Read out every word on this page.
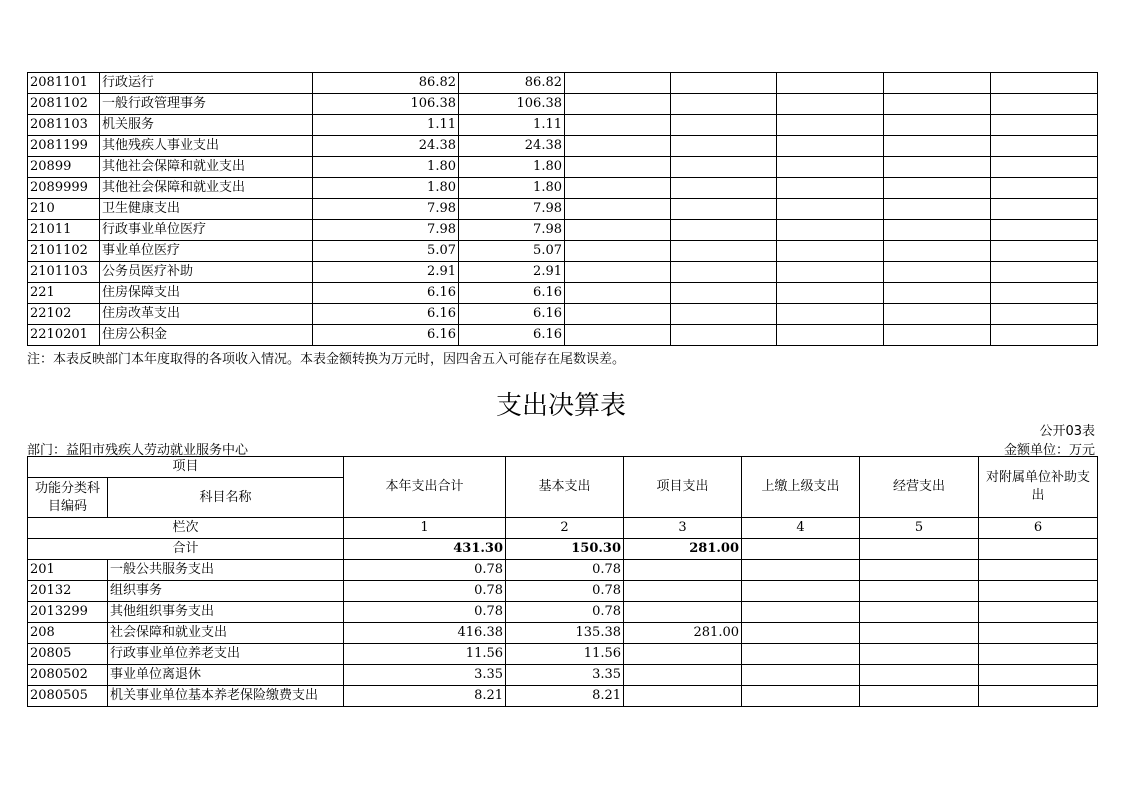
2081101	行政运行	86.82	86.82					
2081102	一般行政管理事务	106.38	106.38					
2081103	机关服务	1.11	1.11					
2081199	其他残疾人事业支出	24.38	24.38					
20899	其他社会保障和就业支出	1.80	1.80					
2089999	其他社会保障和就业支出	1.80	1.80					
210	卫生健康支出	7.98	7.98					
21011	行政事业单位医疗	7.98	7.98					
2101102	事业单位医疗	5.07	5.07					
2101103	公务员医疗补助	2.91	2.91					
221	住房保障支出	6.16	6.16					
22102	住房改革支出	6.16	6.16					
2210201	住房公积金	6.16	6.16					
注：本表反映部门本年度取得的各项收入情况。本表金额转换为万元时，因四舍五入可能存在尾数误差。
支出决算表
公开03表
部门：益阳市残疾人劳动就业服务中心	金额单位：万元
项目		本年支出合计	基本支出	项目支出	上缴上级支出	经营支出	对附属单位补助支出
功能分类科目编码	科目名称						
栏次		1	2	3	4	5	6
合计		431.30	150.30	281.00			
201	一般公共服务支出	0.78	0.78				
20132	组织事务	0.78	0.78				
2013299	其他组织事务支出	0.78	0.78				
208	社会保障和就业支出	416.38	135.38	281.00			
20805	行政事业单位养老支出	11.56	11.56				
2080502	事业单位离退休	3.35	3.35				
2080505	机关事业单位基本养老保险缴费支出	8.21	8.21				
